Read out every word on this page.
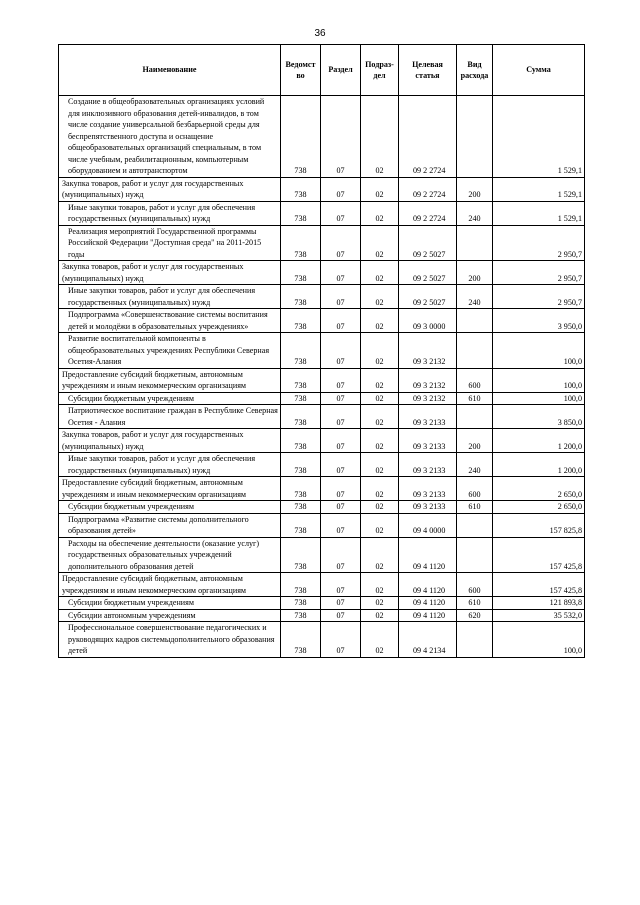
36
Наименование	Ведомст во	Раздел	Подраз- дел	Целевая статья	Вид расхода	Сумма
Создание в общеобразовательных организациях условий для инклюзивного образования детей-инвалидов, в том числе создание универсальной безбарьерной среды для беспрепятственного доступа и оснащение общеобразовательных организаций специальным, в том числе учебным, реабилитационным, компьютерным оборудованием и автотранспортом	738	07	02	09 2 2724		1 529,1
Закупка товаров, работ и услуг для государственных (муниципальных) нужд	738	07	02	09 2 2724	200	1 529,1
Иные закупки товаров, работ и услуг для обеспечения государственных (муниципальных) нужд	738	07	02	09 2 2724	240	1 529,1
Реализация мероприятий Государственной программы Российской Федерации "Доступная среда" на 2011-2015 годы	738	07	02	09 2 5027		2 950,7
Закупка товаров, работ и услуг для государственных (муниципальных) нужд	738	07	02	09 2 5027	200	2 950,7
Иные закупки товаров, работ и услуг для обеспечения государственных (муниципальных) нужд	738	07	02	09 2 5027	240	2 950,7
Подпрограмма «Совершенствование системы воспитания детей и молодёжи в образовательных учреждениях»	738	07	02	09 3 0000		3 950,0
Развитие воспитательной компоненты в общеобразовательных учреждениях Республики Северная Осетия-Алания	738	07	02	09 3 2132		100,0
Предоставление субсидий бюджетным, автономным учреждениям и иным некоммерческим организациям	738	07	02	09 3 2132	600	100,0
Субсидии бюджетным учреждениям	738	07	02	09 3 2132	610	100,0
Патриотическое воспитание граждан в Республике Северная Осетия - Алания	738	07	02	09 3 2133		3 850,0
Закупка товаров, работ и услуг для государственных (муниципальных) нужд	738	07	02	09 3 2133	200	1 200,0
Иные закупки товаров, работ и услуг для обеспечения государственных (муниципальных) нужд	738	07	02	09 3 2133	240	1 200,0
Предоставление субсидий бюджетным, автономным учреждениям и иным некоммерческим организациям	738	07	02	09 3 2133	600	2 650,0
Субсидии бюджетным учреждениям	738	07	02	09 3 2133	610	2 650,0
Подпрограмма «Развитие системы дополнительного образования детей»	738	07	02	09 4 0000		157 825,8
Расходы на обеспечение деятельности (оказание услуг) государственных образовательных учреждений дополнительного образования детей	738	07	02	09 4 1120		157 425,8
Предоставление субсидий бюджетным, автономным учреждениям и иным некоммерческим организациям	738	07	02	09 4 1120	600	157 425,8
Субсидии бюджетным учреждениям	738	07	02	09 4 1120	610	121 893,8
Субсидии автономным учреждениям	738	07	02	09 4 1120	620	35 532,0
Профессиональное совершенствование педагогических и руководящих кадров системыдополнительного образования детей	738	07	02	09 4 2134		100,0
